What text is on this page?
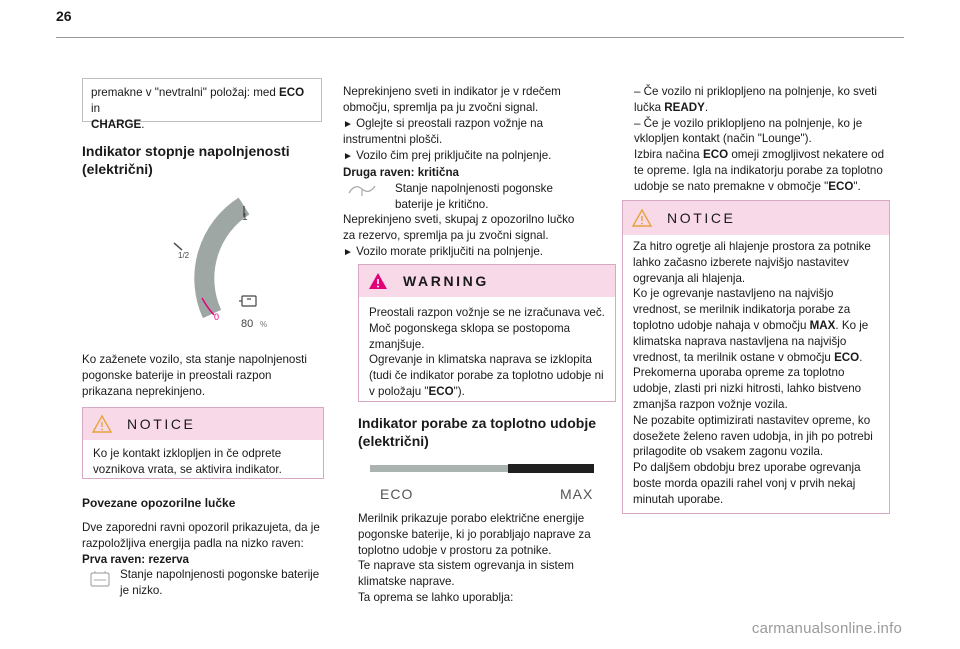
26
premakne v "nevtralni" položaj: med ECO in
CHARGE.
Indikator stopnje napolnjenosti (električni)
1
1/2
0
80 %
Ko zaženete vozilo, sta stanje napolnjenosti pogonske baterije in preostali razpon prikazana neprekinjeno.
NOTICE
Ko je kontakt izklopljen in če odprete voznikova vrata, se aktivira indikator.
Povezane opozorilne lučke

Dve zaporedni ravni opozoril prikazujeta, da je razpoložljiva energija padla na nizko raven:

Prva raven: rezerva

Stanje napolnjenosti pogonske baterije je nizko.

Neprekinjeno sveti in indikator je v rdečem območju, spremlja pa ju zvočni signal.

► Oglejte si preostali razpon vožnje na instrumentni plošči.

► Vozilo čim prej priključite na polnjenje.

Druga raven: kritična

Stanje napolnjenosti pogonske baterije je kritično.

Neprekinjeno sveti, skupaj z opozorilno lučko za rezervo, spremlja pa ju zvočni signal.

► Vozilo morate priključiti na polnjenje.

WARNING

Preostali razpon vožnje se ne izračunava več. Moč pogonskega sklopa se postopoma zmanjšuje.

Ogrevanje in klimatska naprava se izklopita (tudi če indikator porabe za toplotno udobje ni v položaju "ECO").

Indikator porabe za toplotno udobje (električni)
ECO	MAX

Merilnik prikazuje porabo električne energije pogonske baterije, ki jo porabljajo naprave za toplotno udobje v prostoru za potnike.

Te naprave sta sistem ogrevanja in sistem klimatske naprave.

Ta oprema se lahko uporablja:

– Če vozilo ni priklopljeno na polnjenje, ko sveti lučka READY.

– Če je vozilo priklopljeno na polnjenje, ko je vklopljen kontakt (način "Lounge").

Izbira načina ECO omeji zmogljivost nekatere od te opreme. Igla na indikatorju porabe za toplotno udobje se nato premakne v območje "ECO".

NOTICE

Za hitro ogretje ali hlajenje prostora za potnike lahko začasno izberete najvišjo nastavitev ogrevanja ali hlajenja.

Ko je ogrevanje nastavljeno na najvišjo vrednost, se merilnik indikatorja porabe za toplotno udobje nahaja v območju MAX. Ko je klimatska naprava nastavljena na najvišjo vrednost, ta merilnik ostane v območju ECO.

Prekomerna uporaba opreme za toplotno udobje, zlasti pri nizki hitrosti, lahko bistveno zmanjša razpon vožnje vozila.

Ne pozabite optimizirati nastavitev opreme, ko dosežete želeno raven udobja, in jih po potrebi prilagodite ob vsakem zagonu vozila.

Po daljšem obdobju brez uporabe ogrevanja boste morda opazili rahel vonj v prvih nekaj minutah uporabe.

carmanualsonline.info
